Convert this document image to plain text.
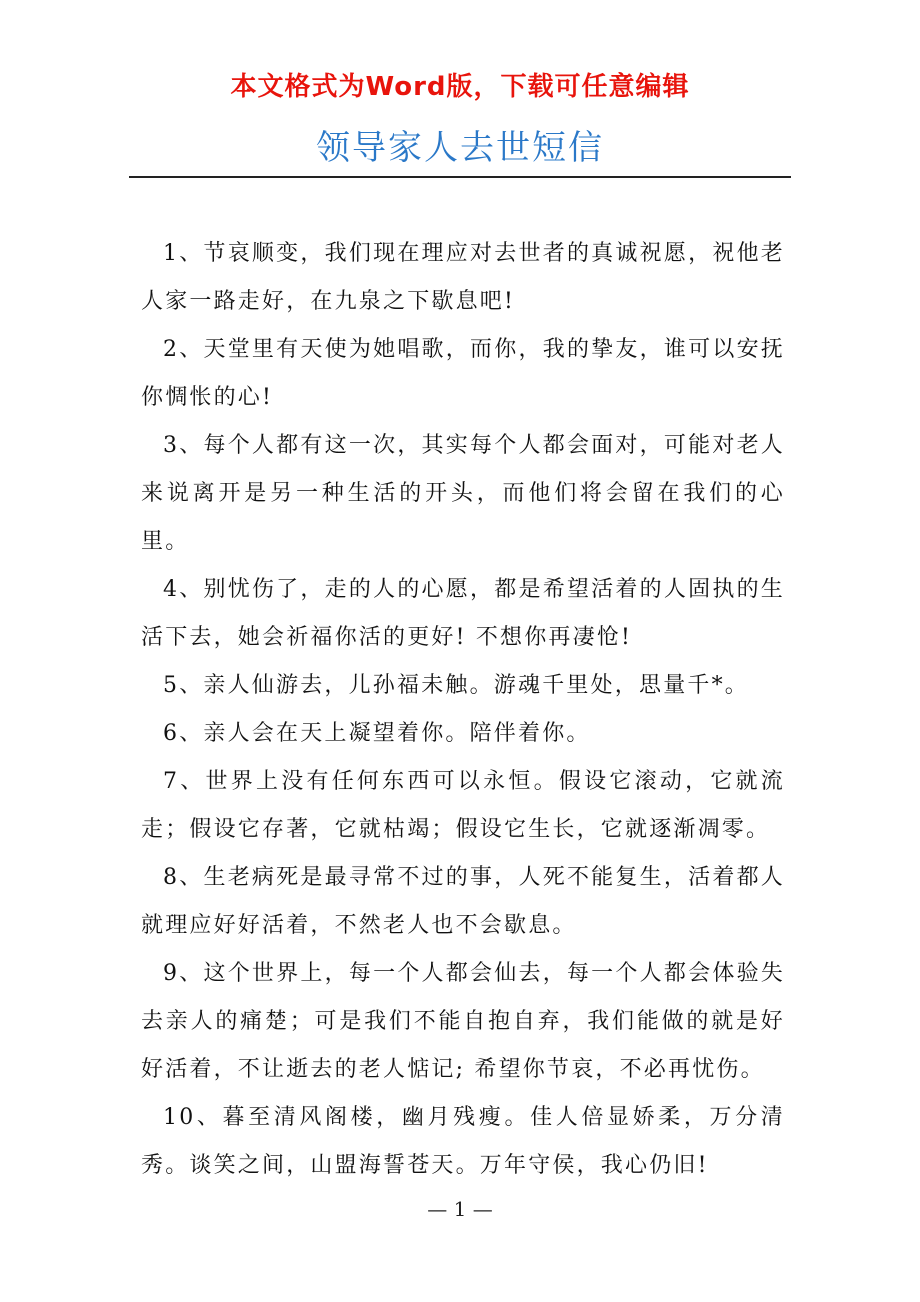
本文格式为Word版，下载可任意编辑
领导家人去世短信

1、节哀顺变，我们现在理应对去世者的真诚祝愿，祝他老人家一路走好，在九泉之下歇息吧!

2、天堂里有天使为她唱歌，而你，我的挚友，谁可以安抚你惆怅的心!

3、每个人都有这一次，其实每个人都会面对，可能对老人来说离开是另一种生活的开头，而他们将会留在我们的心里。

4、别忧伤了，走的人的心愿，都是希望活着的人固执的生活下去，她会祈福你活的更好! 不想你再凄怆!

5、亲人仙游去，儿孙福未触。游魂千里处，思量千*。

6、亲人会在天上凝望着你。陪伴着你。

7、世界上没有任何东西可以永恒。假设它滚动，它就流走；假设它存著，它就枯竭；假设它生长，它就逐渐凋零。

8、生老病死是最寻常不过的事，人死不能复生，活着都人就理应好好活着，不然老人也不会歇息。

9、这个世界上，每一个人都会仙去，每一个人都会体验失去亲人的痛楚；可是我们不能自抱自弃，我们能做的就是好好活着，不让逝去的老人惦记; 希望你节哀，不必再忧伤。

10、暮至清风阁楼，幽月残瘦。佳人倍显娇柔，万分清秀。谈笑之间，山盟海誓苍天。万年守侯，我心仍旧!

— 1 —
